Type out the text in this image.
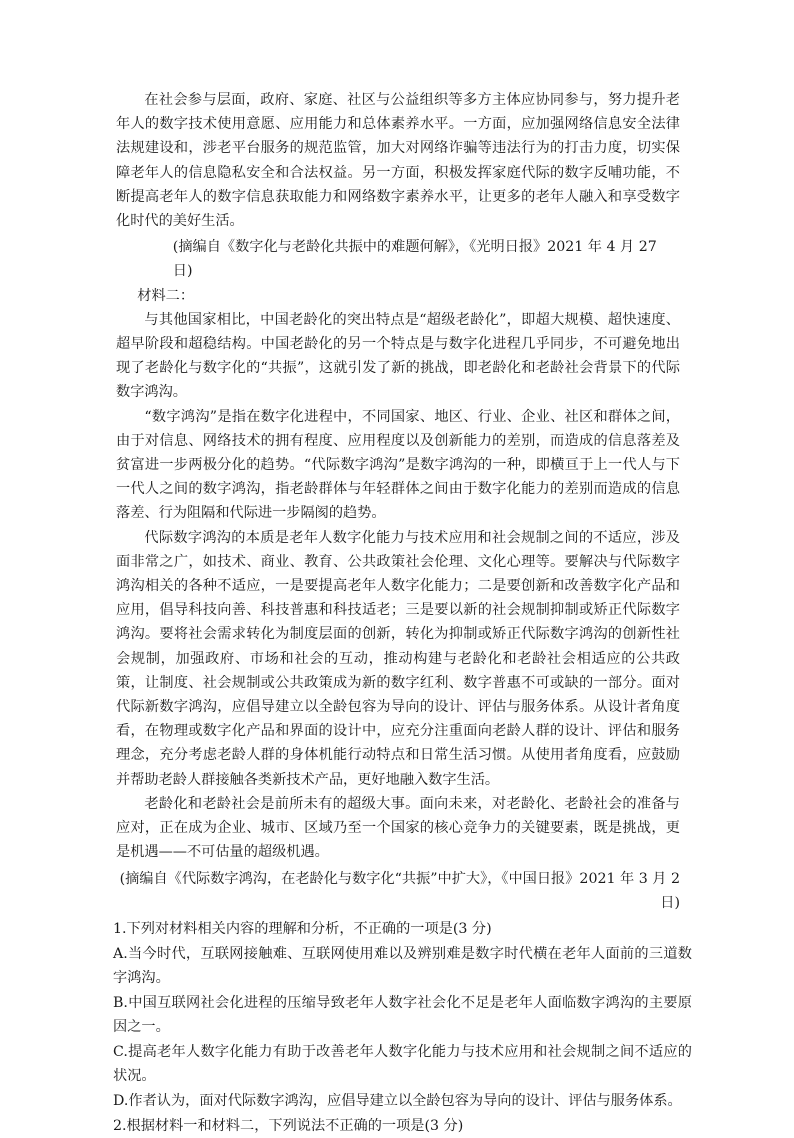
在社会参与层面，政府、家庭、社区与公益组织等多方主体应协同参与，努力提升老年人的数字技术使用意愿、应用能力和总体素养水平。一方面，应加强网络信息安全法律法规建设和，涉老平台服务的规范监管，加大对网络诈骗等违法行为的打击力度，切实保障老年人的信息隐私安全和合法权益。另一方面，积极发挥家庭代际的数字反哺功能，不断提高老年人的数字信息获取能力和网络数字素养水平，让更多的老年人融入和享受数字化时代的美好生活。

(摘编自《数字化与老龄化共振中的难题何解》，《光明日报》2021 年 4 月 27 日)

材料二：

与其他国家相比，中国老龄化的突出特点是“超级老龄化”，即超大规模、超快速度、超早阶段和超稳结构。中国老龄化的另一个特点是与数字化进程几乎同步，不可避免地出现了老龄化与数字化的“共振”，这就引发了新的挑战，即老龄化和老龄社会背景下的代际数字鸿沟。

“数字鸿沟”是指在数字化进程中，不同国家、地区、行业、企业、社区和群体之间，由于对信息、网络技术的拥有程度、应用程度以及创新能力的差别，而造成的信息落差及贫富进一步两极分化的趋势。“代际数字鸿沟”是数字鸿沟的一种，即横亘于上一代人与下一代人之间的数字鸿沟，指老龄群体与年轻群体之间由于数字化能力的差别而造成的信息落差、行为阻隔和代际进一步隔阂的趋势。

代际数字鸿沟的本质是老年人数字化能力与技术应用和社会规制之间的不适应，涉及面非常之广，如技术、商业、教育、公共政策社会伦理、文化心理等。要解决与代际数字鸿沟相关的各种不适应，一是要提高老年人数字化能力；二是要创新和改善数字化产品和应用，倡导科技向善、科技普惠和科技适老；三是要以新的社会规制抑制或矫正代际数字鸿沟。要将社会需求转化为制度层面的创新，转化为抑制或矫正代际数字鸿沟的创新性社会规制，加强政府、市场和社会的互动，推动构建与老龄化和老龄社会相适应的公共政策，让制度、社会规制或公共政策成为新的数字红利、数字普惠不可或缺的一部分。面对代际新数字鸿沟，应倡导建立以全龄包容为导向的设计、评估与服务体系。从设计者角度看，在物理或数字化产品和界面的设计中，应充分注重面向老龄人群的设计、评估和服务理念，充分考虑老龄人群的身体机能行动特点和日常生活习惯。从使用者角度看，应鼓励并帮助老龄人群接触各类新技术产品，更好地融入数字生活。

老龄化和老龄社会是前所未有的超级大事。面向未来，对老龄化、老龄社会的准备与应对，正在成为企业、城市、区域乃至一个国家的核心竞争力的关键要素，既是挑战，更是机遇——不可估量的超级机遇。

(摘编自《代际数字鸿沟，在老龄化与数字化“共振”中扩大》，《中国日报》2021 年 3 月 2 日)

1.下列对材料相关内容的理解和分析，不正确的一项是(3 分)

A.当今时代，互联网接触难、互联网使用难以及辨别难是数字时代横在老年人面前的三道数字鸿沟。

B.中国互联网社会化进程的压缩导致老年人数字社会化不足是老年人面临数字鸿沟的主要原因之一。

C.提高老年人数字化能力有助于改善老年人数字化能力与技术应用和社会规制之间不适应的状况。

D.作者认为，面对代际数字鸿沟，应倡导建立以全龄包容为导向的设计、评估与服务体系。

2.根据材料一和材料二，下列说法不正确的一项是(3 分)
